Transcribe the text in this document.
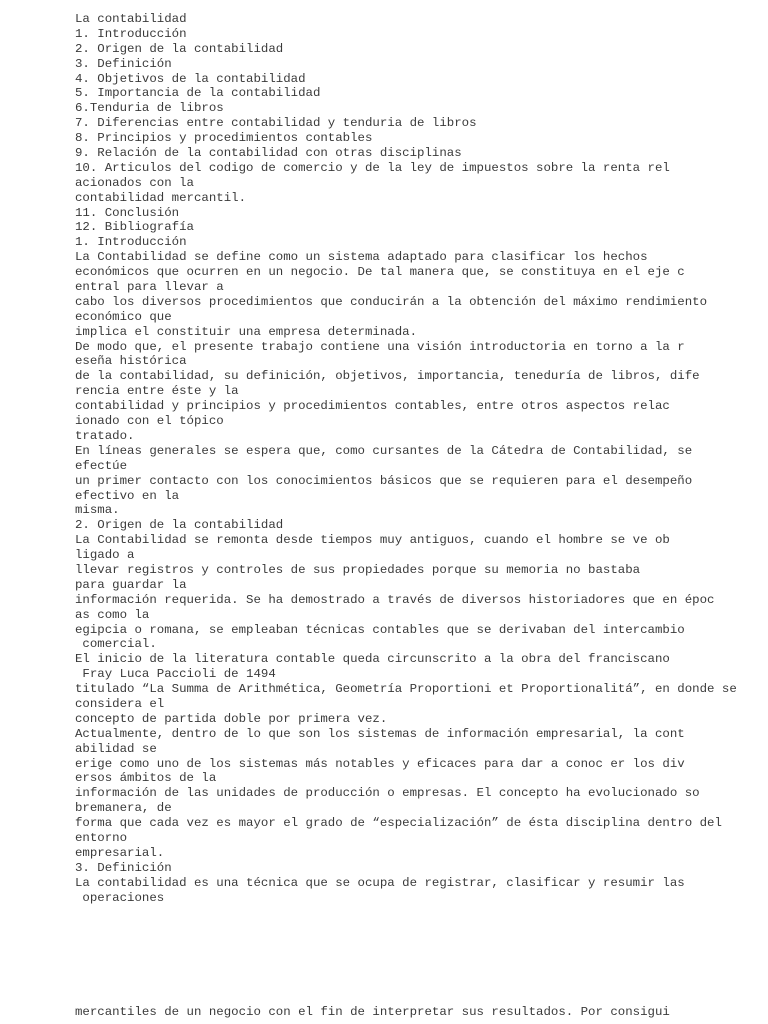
La contabilidad
1. Introducción
2. Origen de la contabilidad
3. Definición
4. Objetivos de la contabilidad
5. Importancia de la contabilidad
6.Tenduria de libros
7. Diferencias entre contabilidad y tenduria de libros
8. Principios y procedimientos contables
9. Relación de la contabilidad con otras disciplinas
10. Articulos del codigo de comercio y de la ley de impuestos sobre la renta rel
acionados con la
contabilidad mercantil.
11. Conclusión
12. Bibliografía
1. Introducción
La Contabilidad se define como un sistema adaptado para clasificar los hechos
económicos que ocurren en un negocio. De tal manera que, se constituya en el eje c
entral para llevar a
cabo los diversos procedimientos que conducirán a la obtención del máximo rendimiento
económico que
implica el constituir una empresa determinada.
De modo que, el presente trabajo contiene una visión introductoria en torno a la r
eseña histórica
de la contabilidad, su definición, objetivos, importancia, teneduría de libros, dife
rencia entre éste y la
contabilidad y principios y procedimientos contables, entre otros aspectos relac
ionado con el tópico
tratado.
En líneas generales se espera que, como cursantes de la Cátedra de Contabilidad, se
efectúe
un primer contacto con los conocimientos básicos que se requieren para el desempeño
efectivo en la
misma.
2. Origen de la contabilidad
La Contabilidad se remonta desde tiempos muy antiguos, cuando el hombre se ve ob
ligado a
llevar registros y controles de sus propiedades porque su memoria no bastaba
para guardar la
información requerida. Se ha demostrado a través de diversos historiadores que en époc
as como la
egipcia o romana, se empleaban técnicas contables que se derivaban del intercambio
comercial.
El inicio de la literatura contable queda circunscrito a la obra del franciscano
Fray Luca Paccioli de 1494
titulado “La Summa de Arithmética, Geometría Proportioni et Proportionalitá”, en donde se
considera el
concepto de partida doble por primera vez.
Actualmente, dentro de lo que son los sistemas de información empresarial, la cont
abilidad se
erige como uno de los sistemas más notables y eficaces para dar a conoc er los div
ersos ámbitos de la
información de las unidades de producción o empresas. El concepto ha evolucionado so
bremanera, de
forma que cada vez es mayor el grado de “especialización” de ésta disciplina dentro del
entorno
empresarial.
3. Definición
La contabilidad es una técnica que se ocupa de registrar, clasificar y resumir las
operaciones
mercantiles de un negocio con el fin de interpretar sus resultados. Por consigui
